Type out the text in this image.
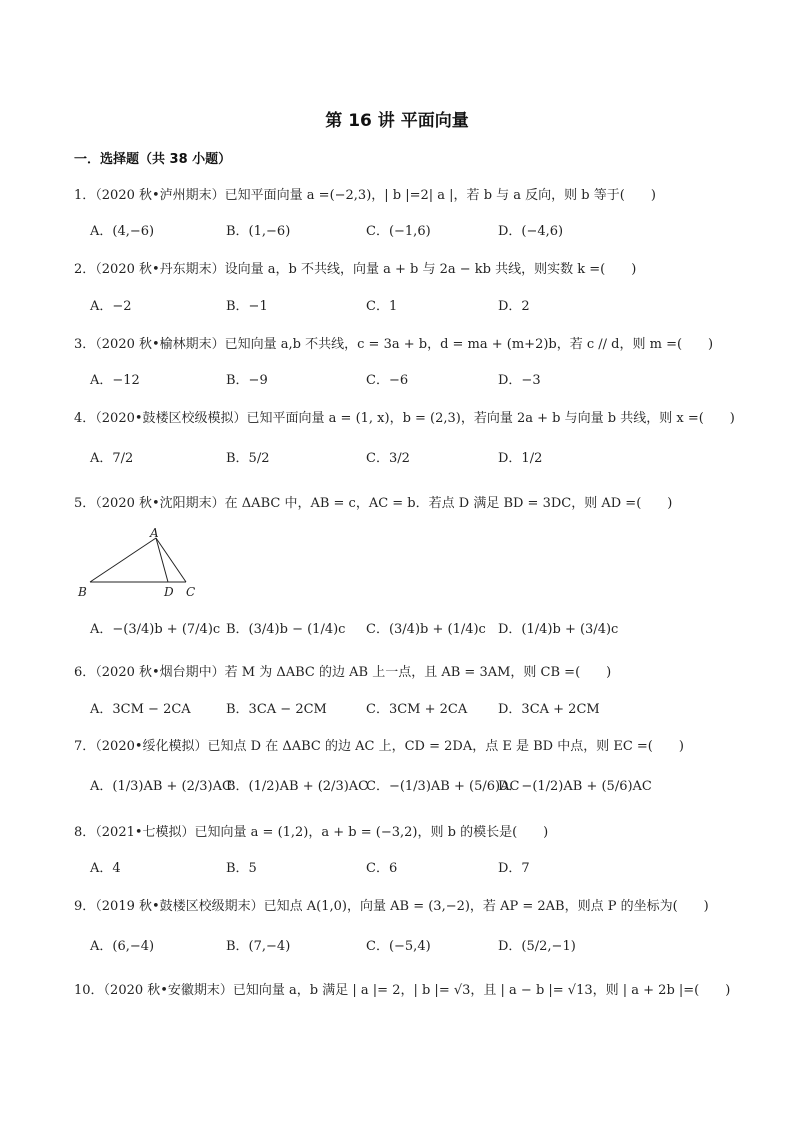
第 16 讲 平面向量
一．选择题（共 38 小题）
1．（2020 秋•泸州期末）已知平面向量 a =(−2,3)，| b |=2| a |，若 b 与 a 反向，则 b 等于(　　)
A．(4,−6)	B．(1,−6)	C．(−1,6)	D．(−4,6)
2．（2020 秋•丹东期末）设向量 a，b 不共线，向量 a + b 与 2a − kb 共线，则实数 k =(　　)
A．−2	B．−1	C．1	D．2
3．（2020 秋•榆林期末）已知向量 a,b 不共线，c = 3a + b，d = ma + (m+2)b，若 c // d，则 m =(　　)
A．−12	B．−9	C．−6	D．−3
4．（2020•鼓楼区校级模拟）已知平面向量 a = (1, x)，b = (2,3)，若向量 2a + b 与向量 b 共线，则 x =(　　)
A．7/2	B．5/2	C．3/2	D．1/2
5．（2020 秋•沈阳期末）在 ΔABC 中，AB = c，AC = b．若点 D 满足 BD = 3DC，则 AD =(　　)
A
B	D C
A．−(3/4)b + (7/4)c B．(3/4)b − (1/4)c C．(3/4)b + (1/4)c D．(1/4)b + (3/4)c
6．（2020 秋•烟台期中）若 M 为 ΔABC 的边 AB 上一点，且 AB = 3AM，则 CB =(　　)
A．3CM − 2CA	B．3CA − 2CM	C．3CM + 2CA D．3CA + 2CM
7．（2020•绥化模拟）已知点 D 在 ΔABC 的边 AC 上，CD = 2DA，点 E 是 BD 中点，则 EC =(　　)
A．(1/3)AB + (2/3)AC
B．(1/2)AB + (2/3)AC
C．−(1/3)AB + (5/6)AC
D．−(1/2)AB + (5/6)AC
8．（2021•七模拟）已知向量 a = (1,2)，a + b = (−3,2)，则 b 的模长是(　　)
A．4	B．5	C．6	D．7
9．（2019 秋•鼓楼区校级期末）已知点 A(1,0)，向量 AB = (3,−2)，若 AP = 2AB，则点 P 的坐标为(　　)
A．(6,−4)	B．(7,−4)	C．(−5,4)	D．(5/2,−1)
10．（2020 秋•安徽期末）已知向量 a，b 满足 | a |= 2，| b |= √3，且 | a − b |= √13，则 | a + 2b |=(　　)
